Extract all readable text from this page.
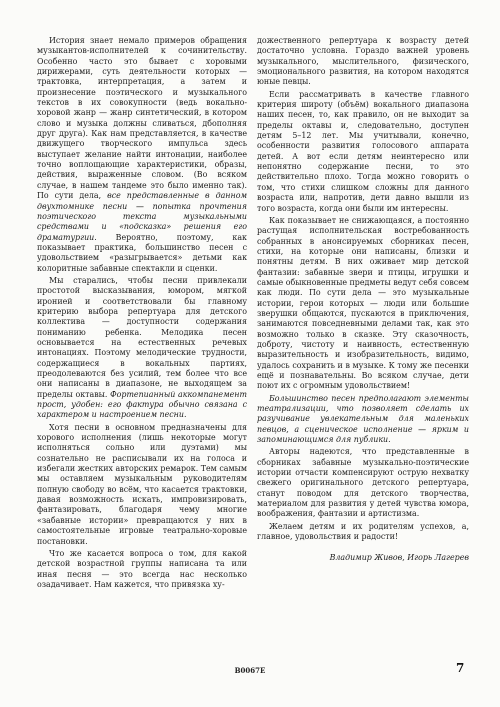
История знает немало примеров обращения музыкантов-исполнителей к сочинительству. Особенно часто это бывает с хоровыми дирижерами, суть деятельности которых — трактовка, интерпретация, а затем и произнесение поэтического и музыкального текстов в их совокупности (ведь вокально-хоровой жанр — жанр синтетический, в котором слово и музыка должны сливаться, дбополняя друг друга). Как нам представляется, в качестве движущего творческого импульса здесь выступает желание найти интонации, наиболее точно воплощающие характеристики, образы, действия, выраженные словом. (Во всяком случае, в нашем тандеме это было именно так). По сути дела, все представленные в данном двухтомнике песни — попытка прочтения поэтического текста музыкальными средствами и «подсказка» решения его драматургии. Вероятно, поэтому, как показывает практика, большинство песен с удовольствием «разыгрывается» детьми как колоритные забавные спектакли и сценки.

Мы старались, чтобы песни привлекали простотой высказывания, юмором, мягкой иронией и соответствовали бы главному критерию выбора репертуара для детского коллектива — доступности содержания пониманию ребенка. Мелодика песен основывается на естественных речевых интонациях. Поэтому мелодические трудности, содержащиеся в вокальных партиях, преодолеваются без усилий, тем более что все они написаны в диапазоне, не выходящем за пределы октавы. Фортепианный аккомпанемент прост, удобен: его фактура обычно связана с характером и настроением песни.

Хотя песни в основном предназначены для хорового исполнения (лишь некоторые могут исполняться сольно или дуэтами) мы сознательно не расписывали их на голоса и избегали жестких авторских ремарок. Тем самым мы оставляем музыкальным руководителям полную свободу во всём, что касается трактовки, давая возможность искать, импровизировать, фантазировать, благодаря чему многие «забавные истории» превращаются у них в самостоятельные игровые театрально-хоровые постановки.

Что же касается вопроса о том, для какой детской возрастной группы написана та или иная песня — это всегда нас несколько озадачивает. Нам кажется, что привязка ху-

дожественного репертуара к возрасту детей достаточно условна. Гораздо важней уровень музыкального, мыслительного, физического, эмоционального развития, на котором находятся юные певцы.

Если рассматривать в качестве главного критерия широту (объём) вокального диапазона наших песен, то, как правило, он не выходит за пределы октавы и, следовательно, доступен детям 5–12 лет. Мы учитывали, конечно, особенности развития голосового аппарата детей. А вот если детям неинтересно или непонятно содержание песни, то это действительно плохо. Тогда можно говорить о том, что стихи слишком сложны для данного возраста или, напротив, дети давно вышли из того возраста, когда они были им интересны.

Как показывает не снижающаяся, а постоянно растущая исполнительская востребованность собранных в анонсируемых сборниках песен, стихи, на которые они написаны, близки и понятны детям. В них оживает мир детской фантазии: забавные звери и птицы, игрушки и самые обыкновенные предметы ведут себя совсем как люди. По сути дела — это музыкальные истории, герои которых — люди или большие зверушки общаются, пускаются в приключения, занимаются повседневными делами так, как это возможно только в сказке. Эту сказочность, доброту, чистоту и наивность, естественную выразительность и изобразительность, видимо, удалось сохранить и в музыке. К тому же песенки ещё и познавательны. Во всяком случае, дети поют их с огромным удовольствием!

Большинство песен предполагают элементы театрализации, что позволяет сделать их разучивание увлекательным для маленьких певцов, а сценическое исполнение — ярким и запоминающимся для публики.

Авторы надеются, что представленные в сборниках забавные музыкально-поэтические истории отчасти компенсируют острую нехватку свежего оригинального детского репертуара, станут поводом для детского творчества, материалом для развития у детей чувства юмора, воображения, фантазии и артистизма.

Желаем детям и их родителям успехов, а, главное, удовольствия и радости!

Владимир Живов, Игорь Лагерев

В0067Е	7
